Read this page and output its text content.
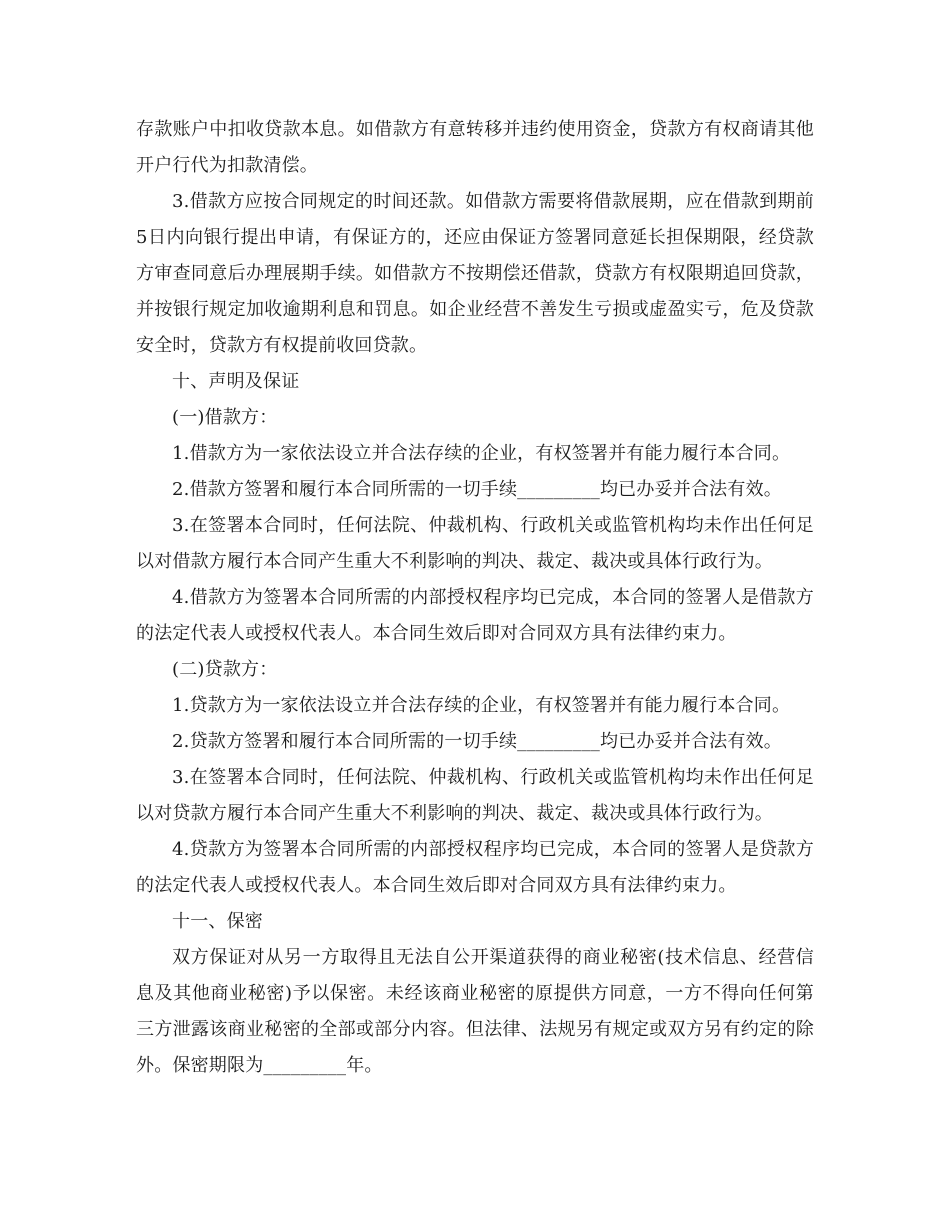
存款账户中扣收贷款本息。如借款方有意转移并违约使用资金，贷款方有权商请其他开户行代为扣款清偿。

3.借款方应按合同规定的时间还款。如借款方需要将借款展期，应在借款到期前5日内向银行提出申请，有保证方的，还应由保证方签署同意延长担保期限，经贷款方审查同意后办理展期手续。如借款方不按期偿还借款，贷款方有权限期追回贷款，并按银行规定加收逾期利息和罚息。如企业经营不善发生亏损或虚盈实亏，危及贷款安全时，贷款方有权提前收回贷款。

十、声明及保证

(一)借款方：

1.借款方为一家依法设立并合法存续的企业，有权签署并有能力履行本合同。

2.借款方签署和履行本合同所需的一切手续_________均已办妥并合法有效。

3.在签署本合同时，任何法院、仲裁机构、行政机关或监管机构均未作出任何足以对借款方履行本合同产生重大不利影响的判决、裁定、裁决或具体行政行为。

4.借款方为签署本合同所需的内部授权程序均已完成，本合同的签署人是借款方的法定代表人或授权代表人。本合同生效后即对合同双方具有法律约束力。

(二)贷款方：

1.贷款方为一家依法设立并合法存续的企业，有权签署并有能力履行本合同。

2.贷款方签署和履行本合同所需的一切手续_________均已办妥并合法有效。

3.在签署本合同时，任何法院、仲裁机构、行政机关或监管机构均未作出任何足以对贷款方履行本合同产生重大不利影响的判决、裁定、裁决或具体行政行为。

4.贷款方为签署本合同所需的内部授权程序均已完成，本合同的签署人是贷款方的法定代表人或授权代表人。本合同生效后即对合同双方具有法律约束力。

十一、保密

双方保证对从另一方取得且无法自公开渠道获得的商业秘密(技术信息、经营信息及其他商业秘密)予以保密。未经该商业秘密的原提供方同意，一方不得向任何第三方泄露该商业秘密的全部或部分内容。但法律、法规另有规定或双方另有约定的除外。保密期限为_________年。
